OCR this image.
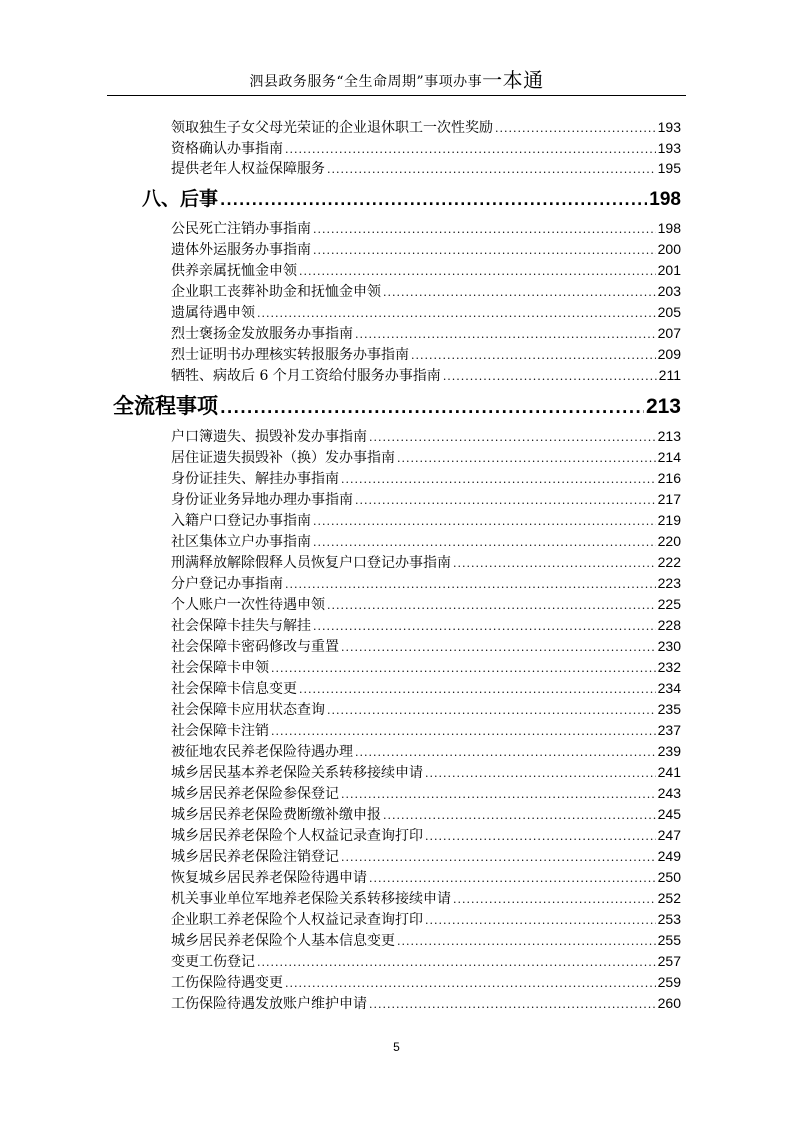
泗县政务服务“全生命周期”事项办事一本通
领取独生子女父母光荣证的企业退休职工一次性奖励 .....	193
资格确认办事指南 .....	193
提供老年人权益保障服务 .....	195
八、后事 .....	198
公民死亡注销办事指南 .....	198
遗体外运服务办事指南 .....	200
供养亲属抚恤金申领 .....	201
企业职工丧葬补助金和抚恤金申领 .....	203
遗属待遇申领 .....	205
烈士褒扬金发放服务办事指南 .....	207
烈士证明书办理核实转报服务办事指南 .....	209
牺牲、病故后 6 个月工资给付服务办事指南 .....	211
全流程事项 .....	213
户口簿遗失、损毁补发办事指南 .....	213
居住证遗失损毁补（换）发办事指南 .....	214
身份证挂失、解挂办事指南 .....	216
身份证业务异地办理办事指南 .....	217
入籍户口登记办事指南 .....	219
社区集体立户办事指南 .....	220
刑满释放解除假释人员恢复户口登记办事指南 .....	222
分户登记办事指南 .....	223
个人账户一次性待遇申领 .....	225
社会保障卡挂失与解挂 .....	228
社会保障卡密码修改与重置 .....	230
社会保障卡申领 .....	232
社会保障卡信息变更 .....	234
社会保障卡应用状态查询 .....	235
社会保障卡注销 .....	237
被征地农民养老保险待遇办理 .....	239
城乡居民基本养老保险关系转移接续申请 .....	241
城乡居民养老保险参保登记 .....	243
城乡居民养老保险费断缴补缴申报 .....	245
城乡居民养老保险个人权益记录查询打印 .....	247
城乡居民养老保险注销登记 .....	249
恢复城乡居民养老保险待遇申请 .....	250
机关事业单位军地养老保险关系转移接续申请 .....	252
企业职工养老保险个人权益记录查询打印 .....	253
城乡居民养老保险个人基本信息变更 .....	255
变更工伤登记 .....	257
工伤保险待遇变更 .....	259
工伤保险待遇发放账户维护申请 .....	260
5
